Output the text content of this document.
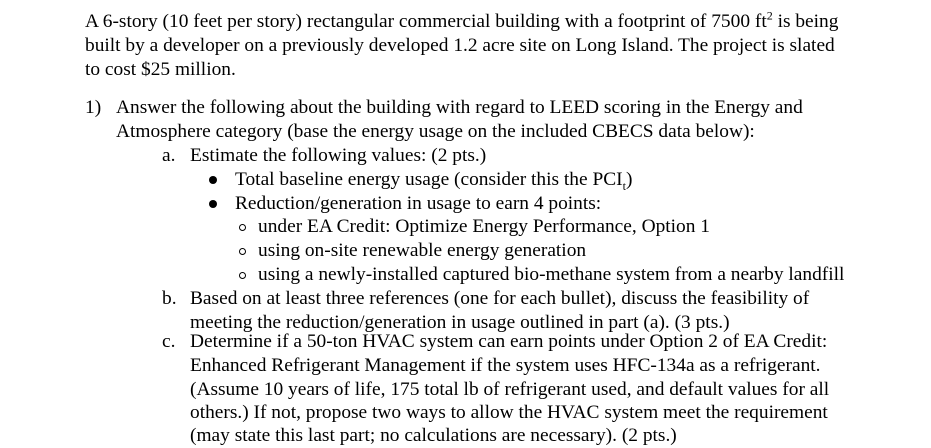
A 6-story (10 feet per story) rectangular commercial building with a footprint of 7500 $ft^2$ is being
built by a developer on a previously developed 1.2 acre site on Long Island. The project is slated
to cost $25 million.
1) Answer the following about the building with regard to LEED scoring in the Energy and
Atmosphere category (base the energy usage on the included CBECS data below):
a. Estimate the following values: (2 pts.)
Total baseline energy usage (consider this the $PCI_t$)
Reduction/generation in usage to earn 4 points:
under EA Credit: Optimize Energy Performance, Option 1
using on-site renewable energy generation
using a newly-installed captured bio-methane system from a nearby landfill
b. Based on at least three references (one for each bullet), discuss the feasibility of
meeting the reduction/generation in usage outlined in part (a). (3 pts.)
c. Determine if a 50-ton HVAC system can earn points under Option 2 of EA Credit:
Enhanced Refrigerant Management if the system uses HFC-134a as a refrigerant.
(Assume 10 years of life, 175 total lb of refrigerant used, and default values for all
others.) If not, propose two ways to allow the HVAC system meet the requirement
(may state this last part; no calculations are necessary). (2 pts.)
